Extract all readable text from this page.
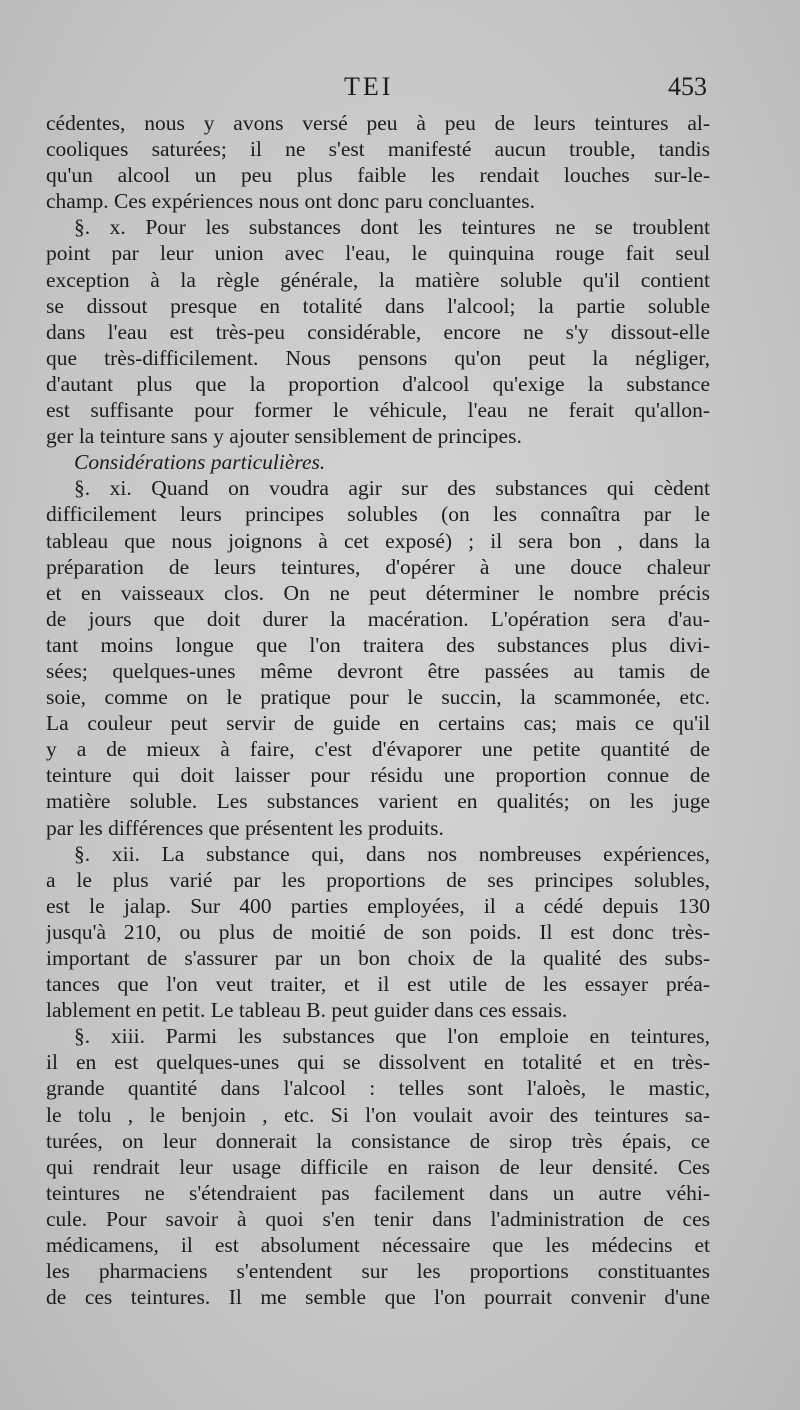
TEI	453
cédentes, nous y avons versé peu à peu de leurs teintures al-
cooliques saturées; il ne s'est manifesté aucun trouble, tandis
qu'un alcool un peu plus faible les rendait louches sur-le-
champ. Ces expériences nous ont donc paru concluantes.
§. x. Pour les substances dont les teintures ne se troublent
point par leur union avec l'eau, le quinquina rouge fait seul
exception à la règle générale, la matière soluble qu'il contient
se dissout presque en totalité dans l'alcool; la partie soluble
dans l'eau est très-peu considérable, encore ne s'y dissout-elle
que très-difficilement. Nous pensons qu'on peut la négliger,
d'autant plus que la proportion d'alcool qu'exige la substance
est suffisante pour former le véhicule, l'eau ne ferait qu'allon-
ger la teinture sans y ajouter sensiblement de principes.
Considérations particulières.
§. xi. Quand on voudra agir sur des substances qui cèdent
difficilement leurs principes solubles (on les connaîtra par le
tableau que nous joignons à cet exposé) ; il sera bon , dans la
préparation de leurs teintures, d'opérer à une douce chaleur
et en vaisseaux clos. On ne peut déterminer le nombre précis
de jours que doit durer la macération. L'opération sera d'au-
tant moins longue que l'on traitera des substances plus divi-
sées; quelques-unes même devront être passées au tamis de
soie, comme on le pratique pour le succin, la scammonée, etc.
La couleur peut servir de guide en certains cas; mais ce qu'il
y a de mieux à faire, c'est d'évaporer une petite quantité de
teinture qui doit laisser pour résidu une proportion connue de
matière soluble. Les substances varient en qualités; on les juge
par les différences que présentent les produits.
§. xii. La substance qui, dans nos nombreuses expériences,
a le plus varié par les proportions de ses principes solubles,
est le jalap. Sur 400 parties employées, il a cédé depuis 130
jusqu'à 210, ou plus de moitié de son poids. Il est donc très-
important de s'assurer par un bon choix de la qualité des subs-
tances que l'on veut traiter, et il est utile de les essayer préa-
lablement en petit. Le tableau B. peut guider dans ces essais.
§. xiii. Parmi les substances que l'on emploie en teintures,
il en est quelques-unes qui se dissolvent en totalité et en très-
grande quantité dans l'alcool : telles sont l'aloès, le mastic,
le tolu , le benjoin , etc. Si l'on voulait avoir des teintures sa-
turées, on leur donnerait la consistance de sirop très épais, ce
qui rendrait leur usage difficile en raison de leur densité. Ces
teintures ne s'étendraient pas facilement dans un autre véhi-
cule. Pour savoir à quoi s'en tenir dans l'administration de ces
médicamens, il est absolument nécessaire que les médecins et
les pharmaciens s'entendent sur les proportions constituantes
de ces teintures. Il me semble que l'on pourrait convenir d'une
